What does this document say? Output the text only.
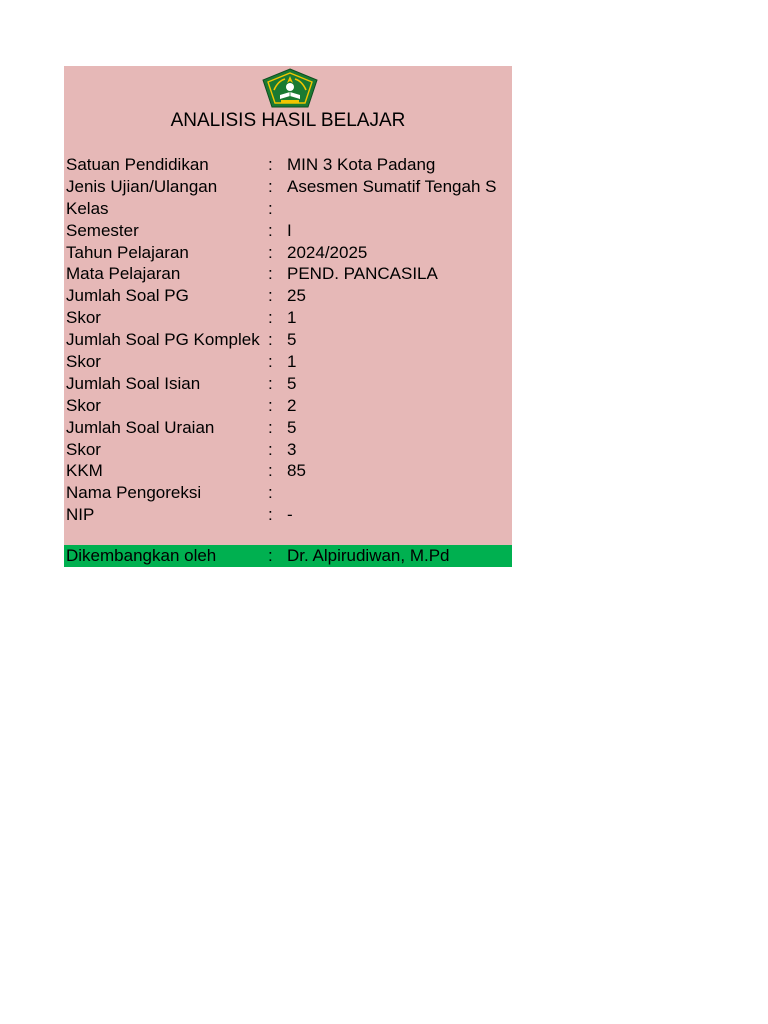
ANALISIS HASIL BELAJAR
Satuan Pendidikan	: MIN 3 Kota Padang
Jenis Ujian/Ulangan	: Asesmen Sumatif Tengah S
Kelas	:
Semester	: I
Tahun Pelajaran	: 2024/2025
Mata Pelajaran	: PEND. PANCASILA
Jumlah Soal PG	: 25
Skor	: 1
Jumlah Soal PG Komplek : 5
Skor	: 1
Jumlah Soal Isian	: 5
Skor	: 2
Jumlah Soal Uraian	: 5
Skor	: 3
KKM	: 85
Nama Pengoreksi	:
NIP	: -
Dikembangkan oleh	: Dr. Alpirudiwan, M.Pd
